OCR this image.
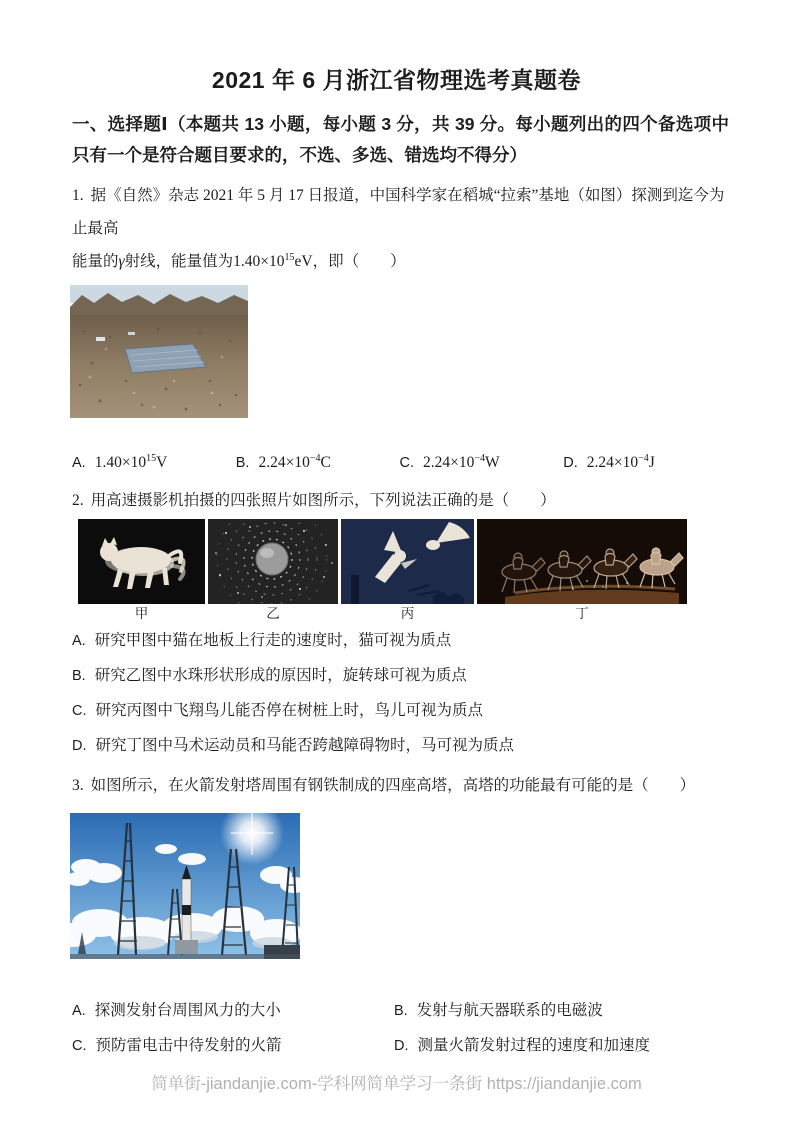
2021 年 6 月浙江省物理选考真题卷

一、选择题Ⅰ（本题共 13 小题，每小题 3 分，共 39 分。每小题列出的四个备选项中只有一个是符合题目要求的，不选、多选、错选均不得分）

1. 据《自然》杂志 2021 年 5 月 17 日报道，中国科学家在稻城“拉索”基地（如图）探测到迄今为止最高
能量的γ射线，能量值为$1.40\times 10^{15}eV$，即（　　）

A. $1.40\times 10^{15}V$	B. $2.24\times 10^{-4}C$	C. $2.24\times 10^{-4}W$	D. $2.24\times 10^{-4}J$

2. 用高速摄影机拍摄的四张照片如图所示，下列说法正确的是（　　）

甲	乙	丙	丁

A. 研究甲图中猫在地板上行走的速度时，猫可视为质点

B. 研究乙图中水珠形状形成的原因时，旋转球可视为质点

C. 研究丙图中飞翔鸟儿能否停在树桩上时，鸟儿可视为质点

D. 研究丁图中马术运动员和马能否跨越障碍物时，马可视为质点

3. 如图所示，在火箭发射塔周围有钢铁制成的四座高塔，高塔的功能最有可能的是（　　）

A. 探测发射台周围风力的大小	B. 发射与航天器联系的电磁波
C. 预防雷电击中待发射的火箭	D. 测量火箭发射过程的速度和加速度
简单街-jiandanjie.com-学科网简单学习一条街 https://jiandanjie.com
